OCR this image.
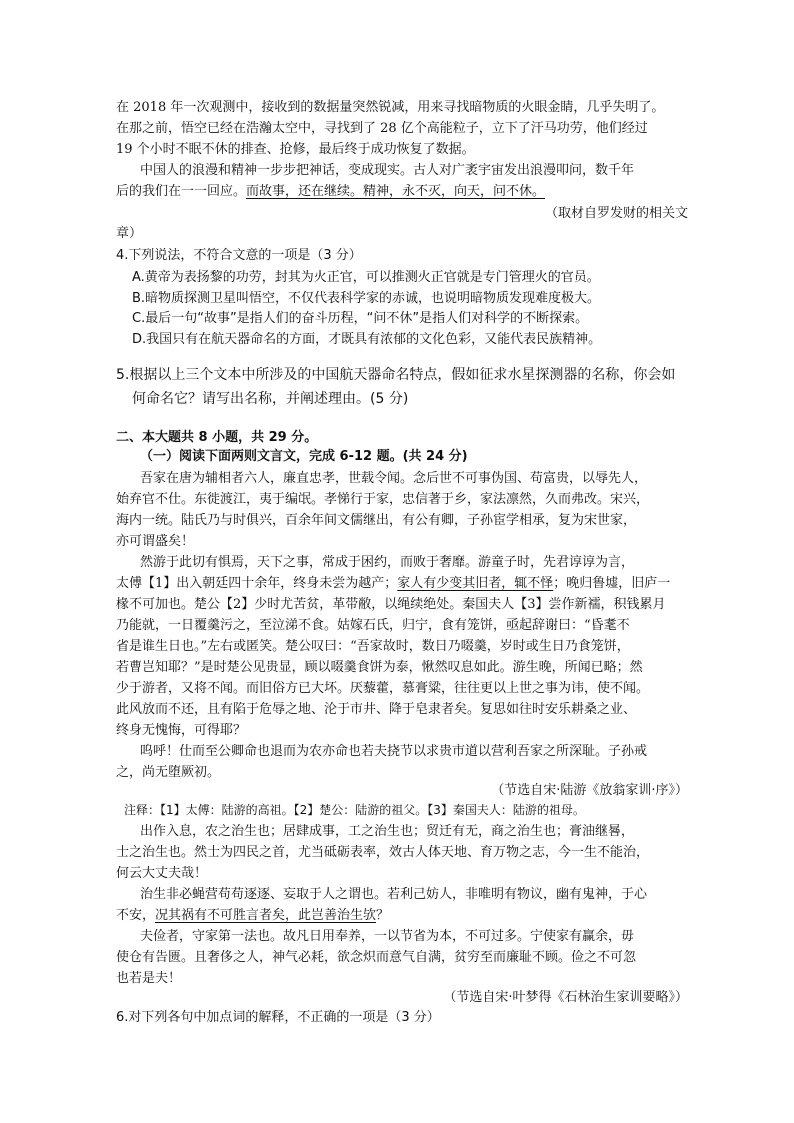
在 2018 年一次观测中，接收到的数据量突然锐减，用来寻找暗物质的火眼金睛，几乎失明了。
在那之前，悟空已经在浩瀚太空中，寻找到了 28 亿个高能粒子，立下了汗马功劳，他们经过
19 个小时不眠不休的排查、抢修，最后终于成功恢复了数据。
中国人的浪漫和精神一步步把神话，变成现实。古人对广袤宇宙发出浪漫叩问，数千年
后的我们在一一回应。而故事，还在继续。精神，永不灭，向天，问不休。
（取材自罗发财的相关文
章）
4.下列说法，不符合文意的一项是（3 分）
A.黄帝为表扬黎的功劳，封其为火正官，可以推测火正官就是专门管理火的官员。
B.暗物质探测卫星叫悟空，不仅代表科学家的赤诚，也说明暗物质发现难度极大。
C.最后一句“故事”是指人们的奋斗历程，“问不休”是指人们对科学的不断探索。
D.我国只有在航天器命名的方面，才既具有浓郁的文化色彩，又能代表民族精神。
5.根据以上三个文本中所涉及的中国航天器命名特点，假如征求水星探测器的名称，你会如
何命名它？请写出名称，并阐述理由。(5 分)
二、本大题共 8 小题，共 29 分。
（一）阅读下面两则文言文，完成 6-12 题。(共 24 分)
吾家在唐为辅相者六人，廉直忠孝，世载令闻。念后世不可事伪国、苟富贵，以辱先人，
始弃官不仕。东徙渡江，夷于编氓。孝悌行于家，忠信著于乡，家法凛然，久而弗改。宋兴，
海内一统。陆氏乃与时俱兴，百余年间文儒继出，有公有卿，子孙宦学相承，复为宋世家，
亦可谓盛矣！
然游于此切有惧焉，天下之事，常成于困约，而败于奢靡。游童子时，先君谆谆为言，
太傅【1】出入朝廷四十余年，终身未尝为越产；家人有少变其旧者，辄不怿；晚归鲁墟，旧庐一
椽不可加也。楚公【2】少时尤苦贫，革带敝，以绳续绝处。秦国夫人【3】尝作新襦，积钱累月
乃能就，一日覆羹污之，至泣涕不食。姑嫁石氏，归宁，食有笼饼，亟起辞谢曰：“昏耄不
省是谁生日也。”左右或匿笑。楚公叹曰：“吾家故时，数日乃啜羹，岁时或生日乃食笼饼，
若曹岂知耶？”是时楚公见贵显，顾以啜羹食饼为泰，愀然叹息如此。游生晚，所闻已略；然
少于游者，又将不闻。而旧俗方已大坏。厌藜藿，慕膏粱，往往更以上世之事为讳，使不闻。
此风放而不还，且有陷于危辱之地、沦于市井、降于皂隶者矣。复思如往时安乐耕桑之业、
终身无愧悔，可得耶？
呜呼！仕而至公卿命也退而为农亦命也若夫挠节以求贵市道以营利吾家之所深耻。子孙戒
之，尚无堕厥初。
（节选自宋·陆游《放翁家训·序》）
注释：【1】太傅：陆游的高祖。【2】楚公：陆游的祖父。【3】秦国夫人：陆游的祖母。
出作入息，农之治生也；居肆成事，工之治生也；贸迁有无，商之治生也；膏油继晷，
士之治生也。然士为四民之首，尤当砥砺表率，效古人体天地、育万物之志，今一生不能治，
何云大丈夫哉！
治生非必蝇营苟苟逐逐、妄取于人之谓也。若利己妨人，非唯明有物议，幽有鬼神，于心
不安，况其祸有不可胜言者矣，此岂善治生欤？
夫俭者，守家第一法也。故凡日用奉养，一以节省为本，不可过多。宁使家有赢余，毋
使仓有告匮。且奢侈之人，神气必耗，欲念炽而意气自满，贫穷至而廉耻不顾。俭之不可忽
也若是夫！
（节选自宋·叶梦得《石林治生家训要略》）
6.对下列各句中加点词的解释，不正确的一项是（3 分）
